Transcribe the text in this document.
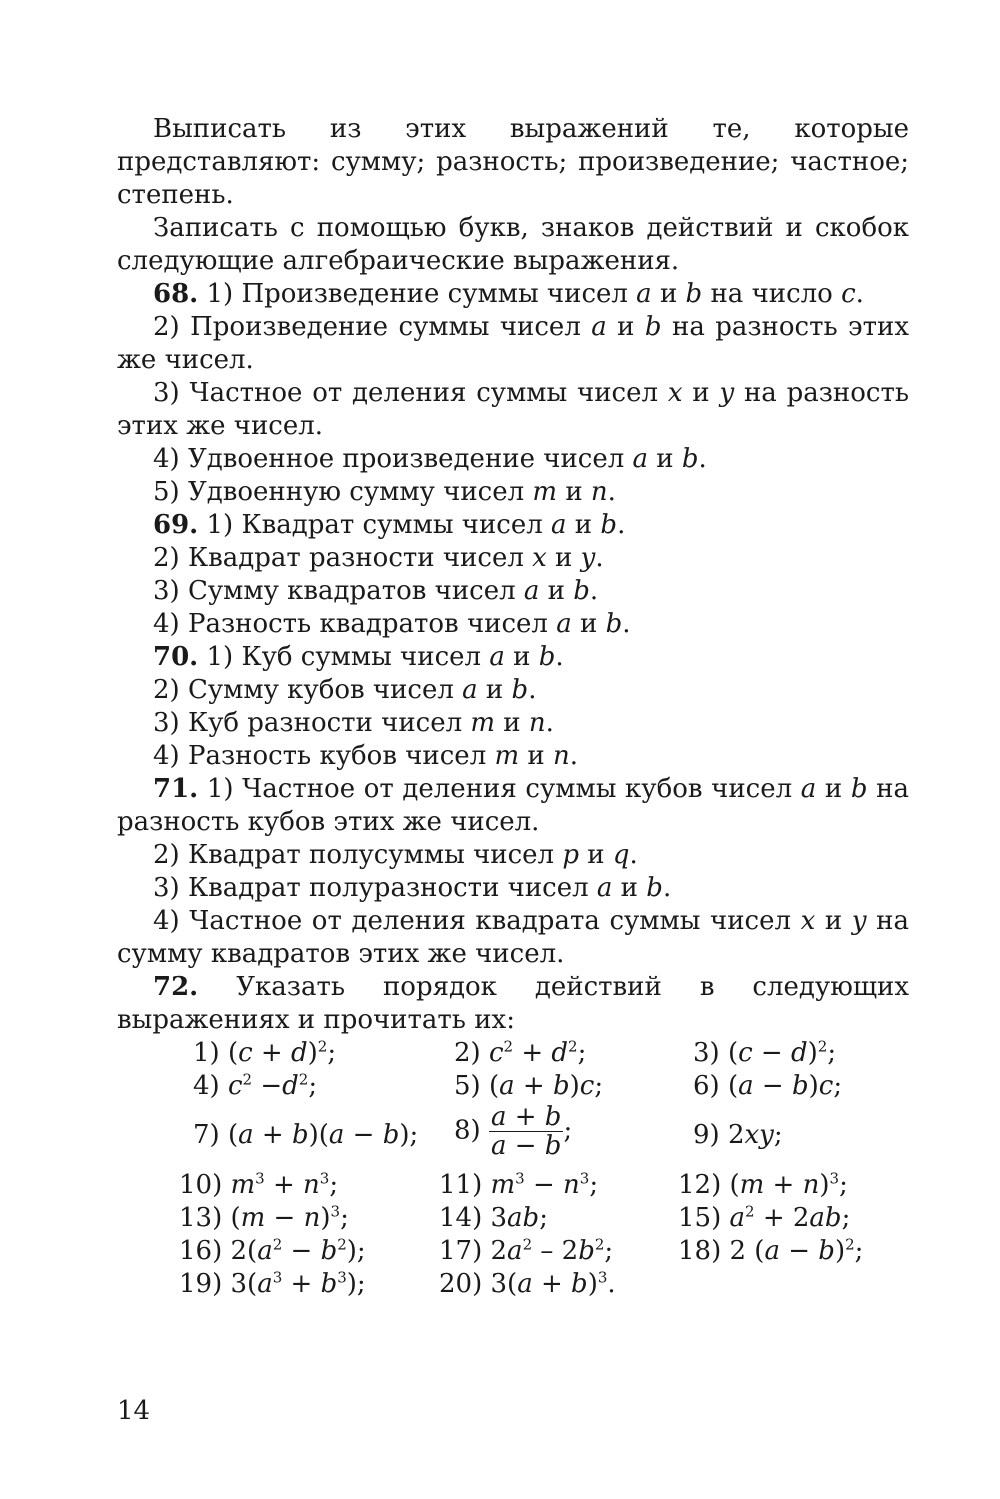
Выписать из этих выражений те, которые представляют: сумму; разность; произведение; частное; степень.

Записать с помощью букв, знаков действий и скобок следующие алгебраические выражения.

68. 1) Произведение суммы чисел a и b на число c.

2) Произведение суммы чисел a и b на разность этих же чисел.

3) Частное от деления суммы чисел x и y на разность этих же чисел.

4) Удвоенное произведение чисел a и b.

5) Удвоенную сумму чисел m и n.

69. 1) Квадрат суммы чисел a и b.

2) Квадрат разности чисел x и y.

3) Сумму квадратов чисел a и b.

4) Разность квадратов чисел a и b.

70. 1) Куб суммы чисел a и b.

2) Сумму кубов чисел a и b.

3) Куб разности чисел m и n.

4) Разность кубов чисел m и n.

71. 1) Частное от деления суммы кубов чисел a и b на разность кубов этих же чисел.

2) Квадрат полусуммы чисел p и q.

3) Квадрат полуразности чисел a и b.

4) Частное от деления квадрата суммы чисел x и y на сумму квадратов этих же чисел.

72. Указать порядок действий в следующих выражениях и прочитать их:

1) $(c + d)^2$;	2) $c^2 + d^2$;	3) $(c - d)^2$;
4) $c^2 -d^2$;	5) (a + b)c;	6) (a − b)c;
7) (a + b)(a − b); $8) \frac{a + b}{a - b}$ ;	9) 2xy;
10) $m^3 + n^3$;	11) $m^3 - n^3$;	12) $(m + n)^3$;
13) $(m - n)^3$;	14) 3ab;	15) $a^2 + 2ab$;
16) $2(a^2 - b^2)$;	17) $2a^2 - 2b^2$; 18) 2 $(a - b)^2$;
19) $3(a^3 + b^3)$;	20) $3(a + b)^3$.
14
